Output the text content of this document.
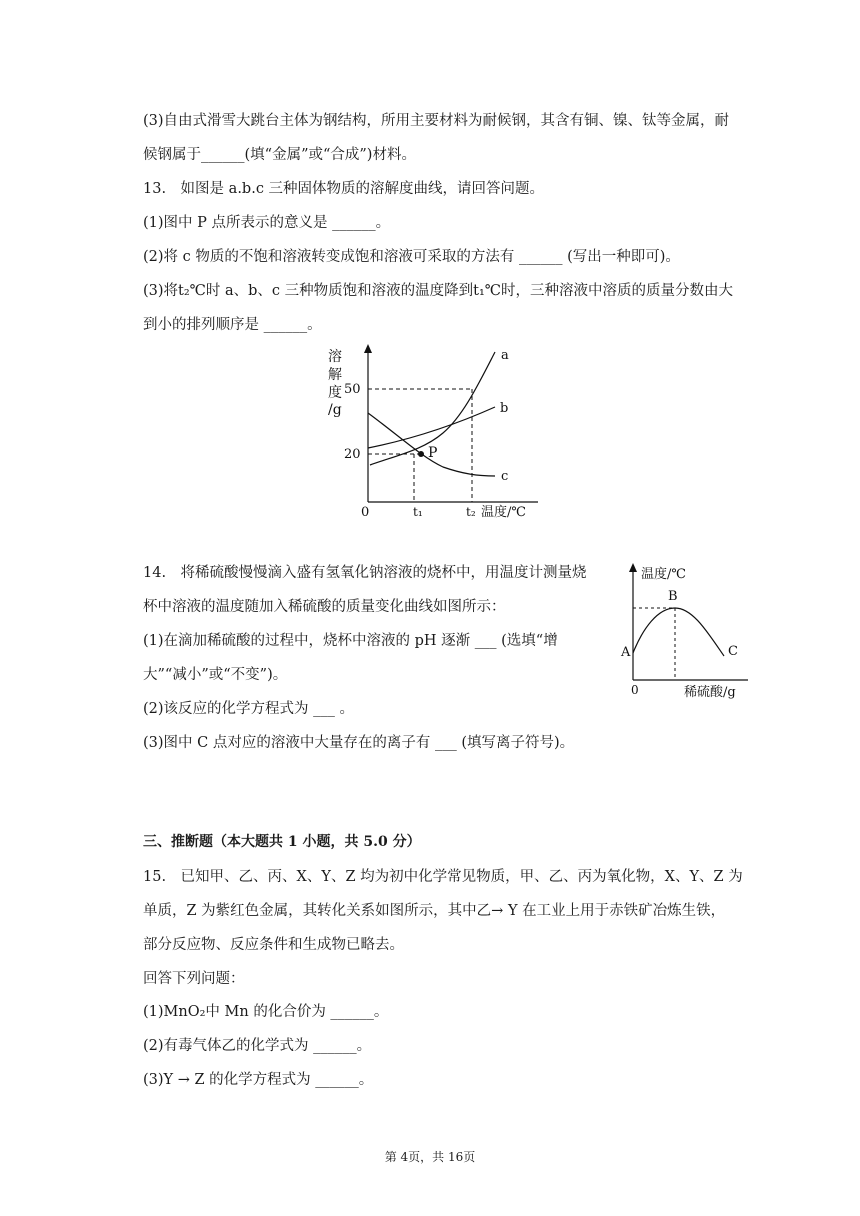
(3)自由式滑雪大跳台主体为钢结构，所用主要材料为耐候钢，其含有铜、镍、钛等金属，耐
候钢属于______(填“金属”或“合成”)材料。
13.　如图是 a.b.c 三种固体物质的溶解度曲线，请回答问题。
(1)图中 P 点所表示的意义是 ______。
(2)将 c 物质的不饱和溶液转变成饱和溶液可采取的方法有 ______ (写出一种即可)。
(3)将t₂℃时 a、b、c 三种物质饱和溶液的温度降到t₁℃时，三种溶液中溶质的质量分数由大
到小的排列顺序是 ______。
溶
解
度
/g
50
20
0	t₁	t₂ 温度/℃
P
a
b
c
14.　将稀硫酸慢慢滴入盛有氢氧化钠溶液的烧杯中，用温度计测量烧
杯中溶液的温度随加入稀硫酸的质量变化曲线如图所示：
(1)在滴加稀硫酸的过程中，烧杯中溶液的 pH 逐渐 ___ (选填“增
大”“减小”或“不变”)。
(2)该反应的化学方程式为 ___ 。
(3)图中 C 点对应的溶液中大量存在的离子有 ___ (填写离子符号)。
温度/℃
稀硫酸/g
0
A
B
C
三、推断题（本大题共 1 小题，共 5.0 分）
15.　已知甲、乙、丙、X、Y、Z 均为初中化学常见物质，甲、乙、丙为氧化物，X、Y、Z 为
单质，Z 为紫红色金属，其转化关系如图所示，其中乙→ Y 在工业上用于赤铁矿冶炼生铁，
部分反应物、反应条件和生成物已略去。
回答下列问题：
(1)MnO₂中 Mn 的化合价为 ______。
(2)有毒气体乙的化学式为 ______。
(3)Y → Z 的化学方程式为 ______。
第 4页，共 16页
